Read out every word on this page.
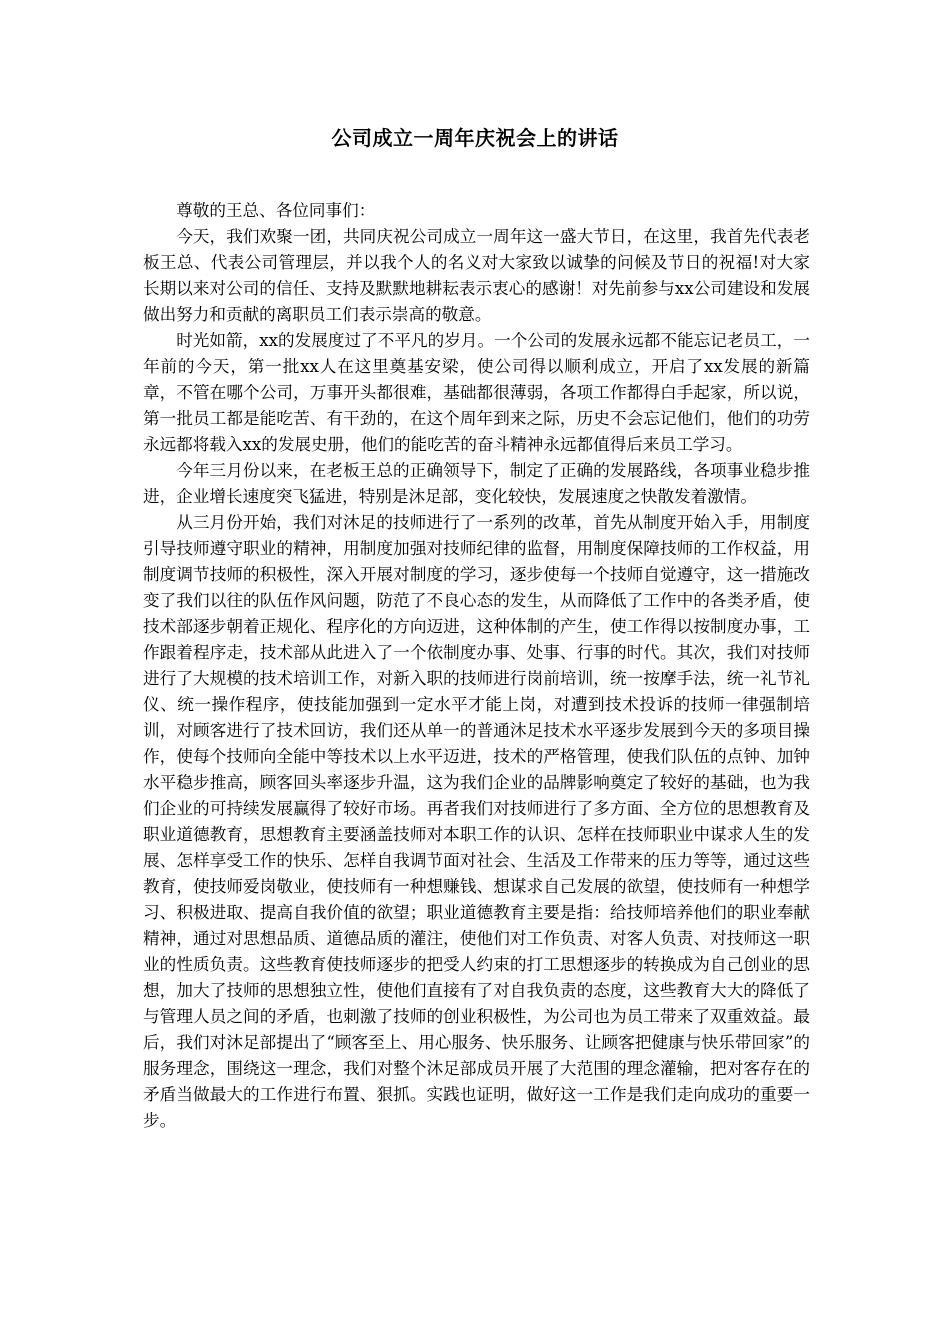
公司成立一周年庆祝会上的讲话

尊敬的王总、各位同事们：

今天，我们欢聚一团，共同庆祝公司成立一周年这一盛大节日，在这里，我首先代表老板王总、代表公司管理层，并以我个人的名义对大家致以诚挚的问候及节日的祝福!对大家长期以来对公司的信任、支持及默默地耕耘表示衷心的感谢！对先前参与xx公司建设和发展做出努力和贡献的离职员工们表示崇高的敬意。

时光如箭，xx的发展度过了不平凡的岁月。一个公司的发展永远都不能忘记老员工，一年前的今天，第一批xx人在这里奠基安梁，使公司得以顺利成立，开启了xx发展的新篇章，不管在哪个公司，万事开头都很难，基础都很薄弱，各项工作都得白手起家，所以说，第一批员工都是能吃苦、有干劲的，在这个周年到来之际，历史不会忘记他们，他们的功劳永远都将载入xx的发展史册，他们的能吃苦的奋斗精神永远都值得后来员工学习。

今年三月份以来，在老板王总的正确领导下，制定了正确的发展路线，各项事业稳步推进，企业增长速度突飞猛进，特别是沐足部，变化较快，发展速度之快散发着激情。

从三月份开始，我们对沐足的技师进行了一系列的改革，首先从制度开始入手，用制度引导技师遵守职业的精神，用制度加强对技师纪律的监督，用制度保障技师的工作权益，用制度调节技师的积极性，深入开展对制度的学习，逐步使每一个技师自觉遵守，这一措施改变了我们以往的队伍作风问题，防范了不良心态的发生，从而降低了工作中的各类矛盾，使技术部逐步朝着正规化、程序化的方向迈进，这种体制的产生，使工作得以按制度办事，工作跟着程序走，技术部从此进入了一个依制度办事、处事、行事的时代。其次，我们对技师进行了大规模的技术培训工作，对新入职的技师进行岗前培训，统一按摩手法，统一礼节礼仪、统一操作程序，使技能加强到一定水平才能上岗，对遭到技术投诉的技师一律强制培训，对顾客进行了技术回访，我们还从单一的普通沐足技术水平逐步发展到今天的多项目操作，使每个技师向全能中等技术以上水平迈进，技术的严格管理，使我们队伍的点钟、加钟水平稳步推高，顾客回头率逐步升温，这为我们企业的品牌影响奠定了较好的基础，也为我们企业的可持续发展赢得了较好市场。再者我们对技师进行了多方面、全方位的思想教育及职业道德教育，思想教育主要涵盖技师对本职工作的认识、怎样在技师职业中谋求人生的发展、怎样享受工作的快乐、怎样自我调节面对社会、生活及工作带来的压力等等，通过这些教育，使技师爱岗敬业，使技师有一种想赚钱、想谋求自己发展的欲望，使技师有一种想学习、积极进取、提高自我价值的欲望；职业道德教育主要是指：给技师培养他们的职业奉献精神，通过对思想品质、道德品质的灌注，使他们对工作负责、对客人负责、对技师这一职业的性质负责。这些教育使技师逐步的把受人约束的打工思想逐步的转换成为自己创业的思想，加大了技师的思想独立性，使他们直接有了对自我负责的态度，这些教育大大的降低了与管理人员之间的矛盾，也刺激了技师的创业积极性，为公司也为员工带来了双重效益。最后，我们对沐足部提出了“顾客至上、用心服务、快乐服务、让顾客把健康与快乐带回家”的服务理念，围绕这一理念，我们对整个沐足部成员开展了大范围的理念灌输，把对客存在的矛盾当做最大的工作进行布置、狠抓。实践也证明，做好这一工作是我们走向成功的重要一步。
